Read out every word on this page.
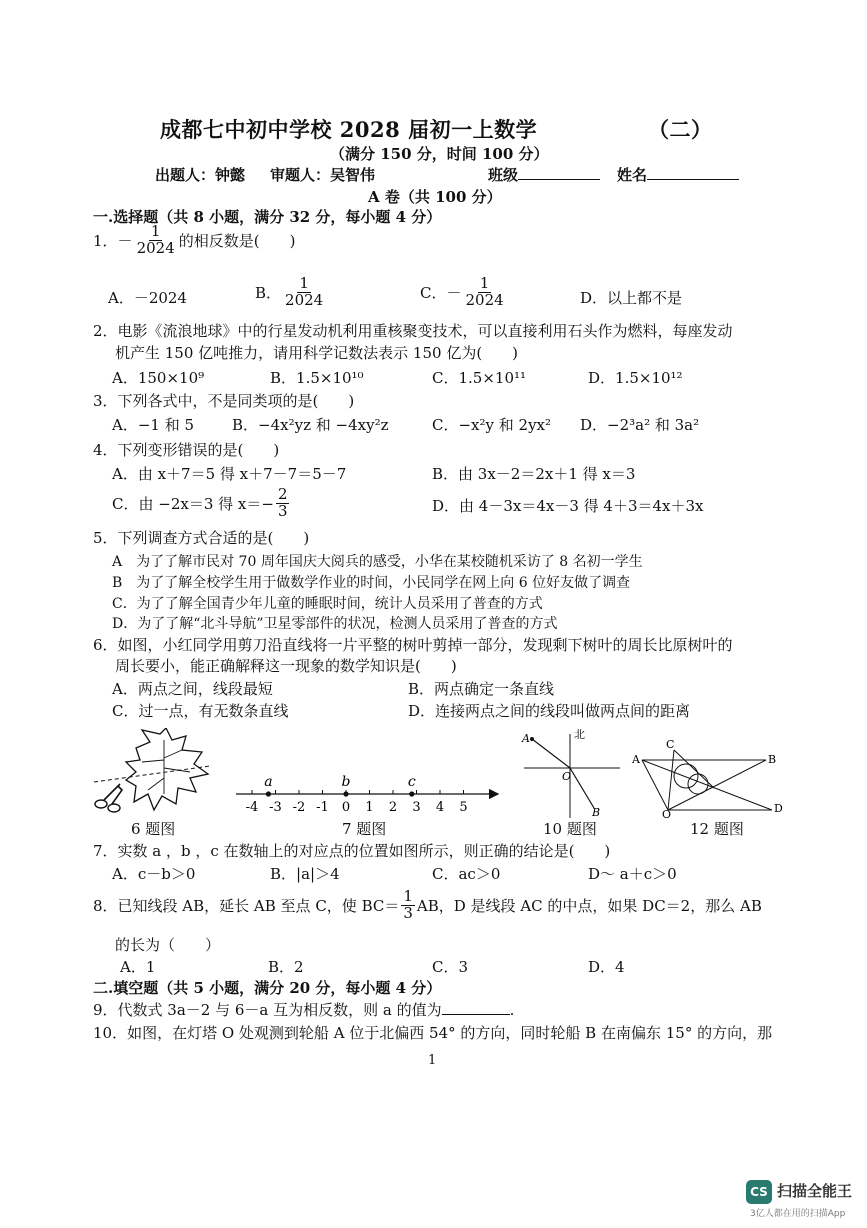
成都七中初中学校 2028 届初一上数学	（二）
（满分 150 分，时间 100 分）
出题人：钟懿 审题人：吴智伟	班级	姓名
A 卷（共 100 分）
一.选择题（共 8 小题，满分 32 分，每小题 4 分）
1． － $\frac{1}{2024}$ 的相反数是(　　)
A．－2024	B． $\frac{1}{2024}$	C．－ $\frac{1}{2024}$	D．以上都不是
2．电影《流浪地球》中的行星发动机利用重核聚变技术，可以直接利用石头作为燃料，每座发动
机产生 150 亿吨推力，请用科学记数法表示 150 亿为(　　)
A．150×10⁹	B．1.5×10¹⁰	C．1.5×10¹¹	D．1.5×10¹²
3．下列各式中，不是同类项的是(　　)
A．−1 和 5	B．−4x²yz 和 −4xy²z	C．−x²y 和 2yx² D．−2³a² 和 3a²
4．下列变形错误的是(　　)
A．由 x＋7＝5 得 x＋7－7＝5－7	B．由 3x－2＝2x＋1 得 x＝3
C．由 −2x＝3 得 $x=- \frac{2}{3}$	D．由 4－3x＝4x－3 得 4＋3＝4x＋3x
5．下列调查方式合适的是(　　)
A　为了了解市民对 70 周年国庆大阅兵的感受，小华在某校随机采访了 8 名初一学生
B　为了了解全校学生用于做数学作业的时间，小民同学在网上向 6 位好友做了调查
C．为了了解全国青少年儿童的睡眠时间，统计人员采用了普查的方式
D．为了了解“北斗导航”卫星零部件的状况，检测人员采用了普查的方式
6．如图，小红同学用剪刀沿直线将一片平整的树叶剪掉一部分，发现剩下树叶的周长比原树叶的
周长要小，能正确解释这一现象的数学知识是(　　)
A．两点之间，线段最短	B．两点确定一条直线
C．过一点，有无数条直线	D．连接两点之间的线段叫做两点间的距离
6 题图
-4 -3 -2 -1 0 1 2 3 4 5
a	b	c
7 题图
北
A
O
B
10 题图
C
A	B
D
O
12 题图
7．实数 a ，b ，c 在数轴上的对应点的位置如图所示，则正确的结论是(　　)
A．c－b＞0	B．|a|＞4	C．ac＞0	D～ a＋c＞0
8．已知线段 AB，延长 AB 至点 C，使 $BC= \frac{1}{3}$ AB，D 是线段 AC 的中点，如果 DC＝2，那么 AB
的长为（　　）
A．1	B．2	C．3	D．4
二.填空题（共 5 小题，满分 20 分，每小题 4 分）
9．代数式 3a－2 与 6－a 互为相反数，则 a 的值为	.
10．如图，在灯塔 O 处观测到轮船 A 位于北偏西 54° 的方向，同时轮船 B 在南偏东 15° 的方向，那
1
CS 扫描全能王
3亿人都在用的扫描App
